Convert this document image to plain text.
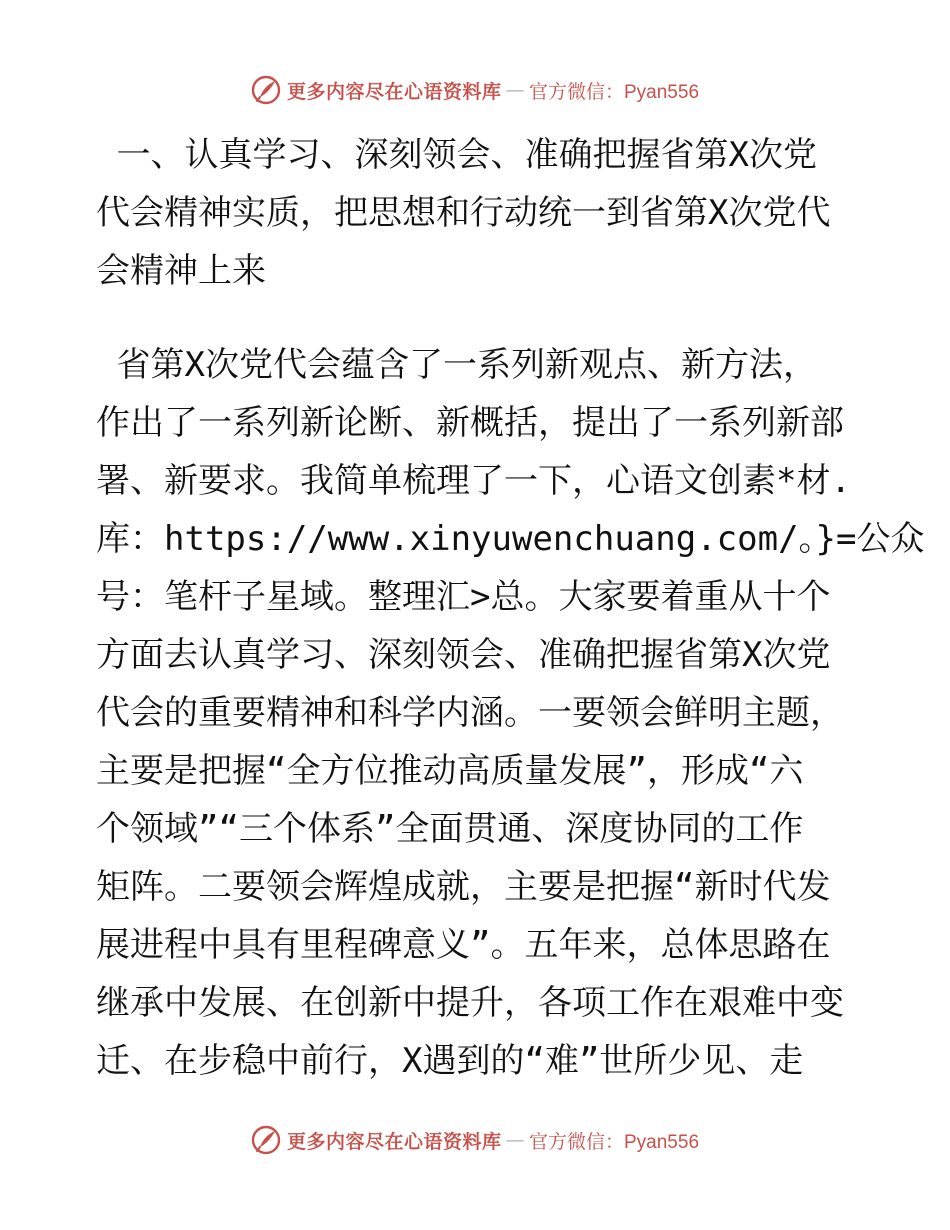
更多内容尽在心语资料库 — 官方微信：Pyan556
一、认真学习、深刻领会、准确把握省第X次党
代会精神实质，把思想和行动统一到省第X次党代
会精神上来
省第X次党代会蕴含了一系列新观点、新方法，
作出了一系列新论断、新概括，提出了一系列新部
署、新要求。我简单梳理了一下，心语文创素*材.
库：https://www.xinyuwenchuang.com/。}=公众
号：笔杆子星域。整理汇>总。大家要着重从十个
方面去认真学习、深刻领会、准确把握省第X次党
代会的重要精神和科学内涵。一要领会鲜明主题，
主要是把握“全方位推动高质量发展”，形成“六
个领域”“三个体系”全面贯通、深度协同的工作
矩阵。二要领会辉煌成就，主要是把握“新时代发
展进程中具有里程碑意义”。五年来，总体思路在
继承中发展、在创新中提升，各项工作在艰难中变
迁、在步稳中前行，X遇到的“难”世所少见、走
更多内容尽在心语资料库 — 官方微信：Pyan556
